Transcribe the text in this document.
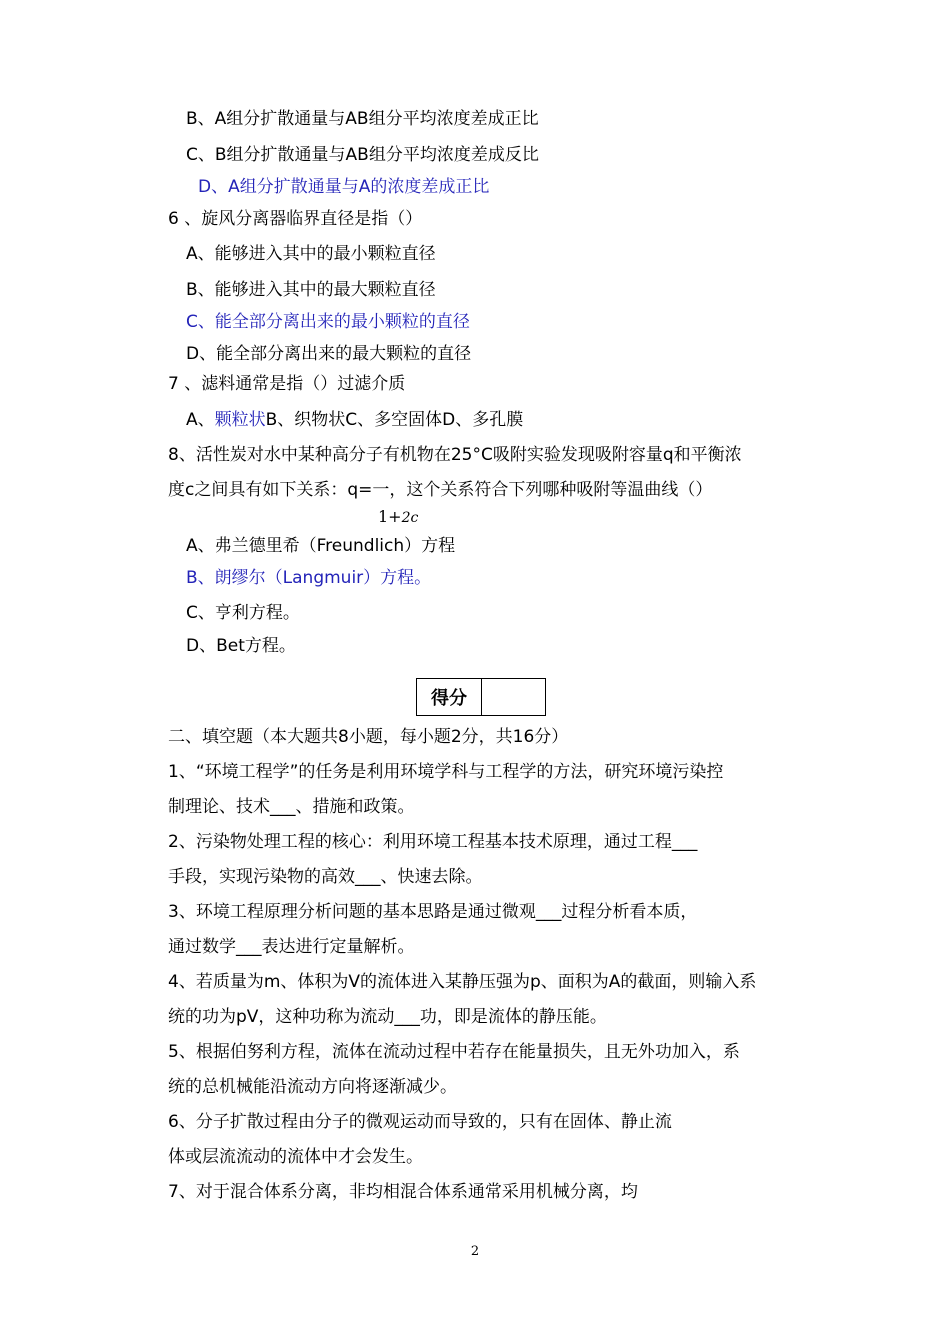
B、A组分扩散通量与AB组分平均浓度差成正比
C、B组分扩散通量与AB组分平均浓度差成反比
D、A组分扩散通量与A的浓度差成正比
6 、旋风分离器临界直径是指（）
A、能够进入其中的最小颗粒直径
B、能够进入其中的最大颗粒直径
C、能全部分离出来的最小颗粒的直径
D、能全部分离出来的最大颗粒的直径
7 、滤料通常是指（）过滤介质
A、颗粒状B、织物状C、多空固体D、多孔膜
8、活性炭对水中某种高分子有机物在25°C吸附实验发现吸附容量q和平衡浓
度c之间具有如下关系：q=一，这个关系符合下列哪种吸附等温曲线（）
1+2c
A、弗兰德里希（Freundlich）方程
B、朗缪尔（Langmuir）方程。
C、亨利方程。
D、Bet方程。
得分
二、填空题（本大题共8小题，每小题2分，共16分）
1、“环境工程学”的任务是利用环境学科与工程学的方法，研究环境污染控
制理论、技术___、措施和政策。
2、污染物处理工程的核心：利用环境工程基本技术原理，通过工程___
手段，实现污染物的高效___、快速去除。
3、环境工程原理分析问题的基本思路是通过微观___过程分析看本质，
通过数学___表达进行定量解析。
4、若质量为m、体积为V的流体进入某静压强为p、面积为A的截面，则输入系
统的功为pV，这种功称为流动___功，即是流体的静压能。
5、根据伯努利方程，流体在流动过程中若存在能量损失，且无外功加入，系
统的总机械能沿流动方向将逐渐减少。
6、分子扩散过程由分子的微观运动而导致的，只有在固体、静止流
体或层流流动的流体中才会发生。
7、对于混合体系分离，非均相混合体系通常采用机械分离，均
2
